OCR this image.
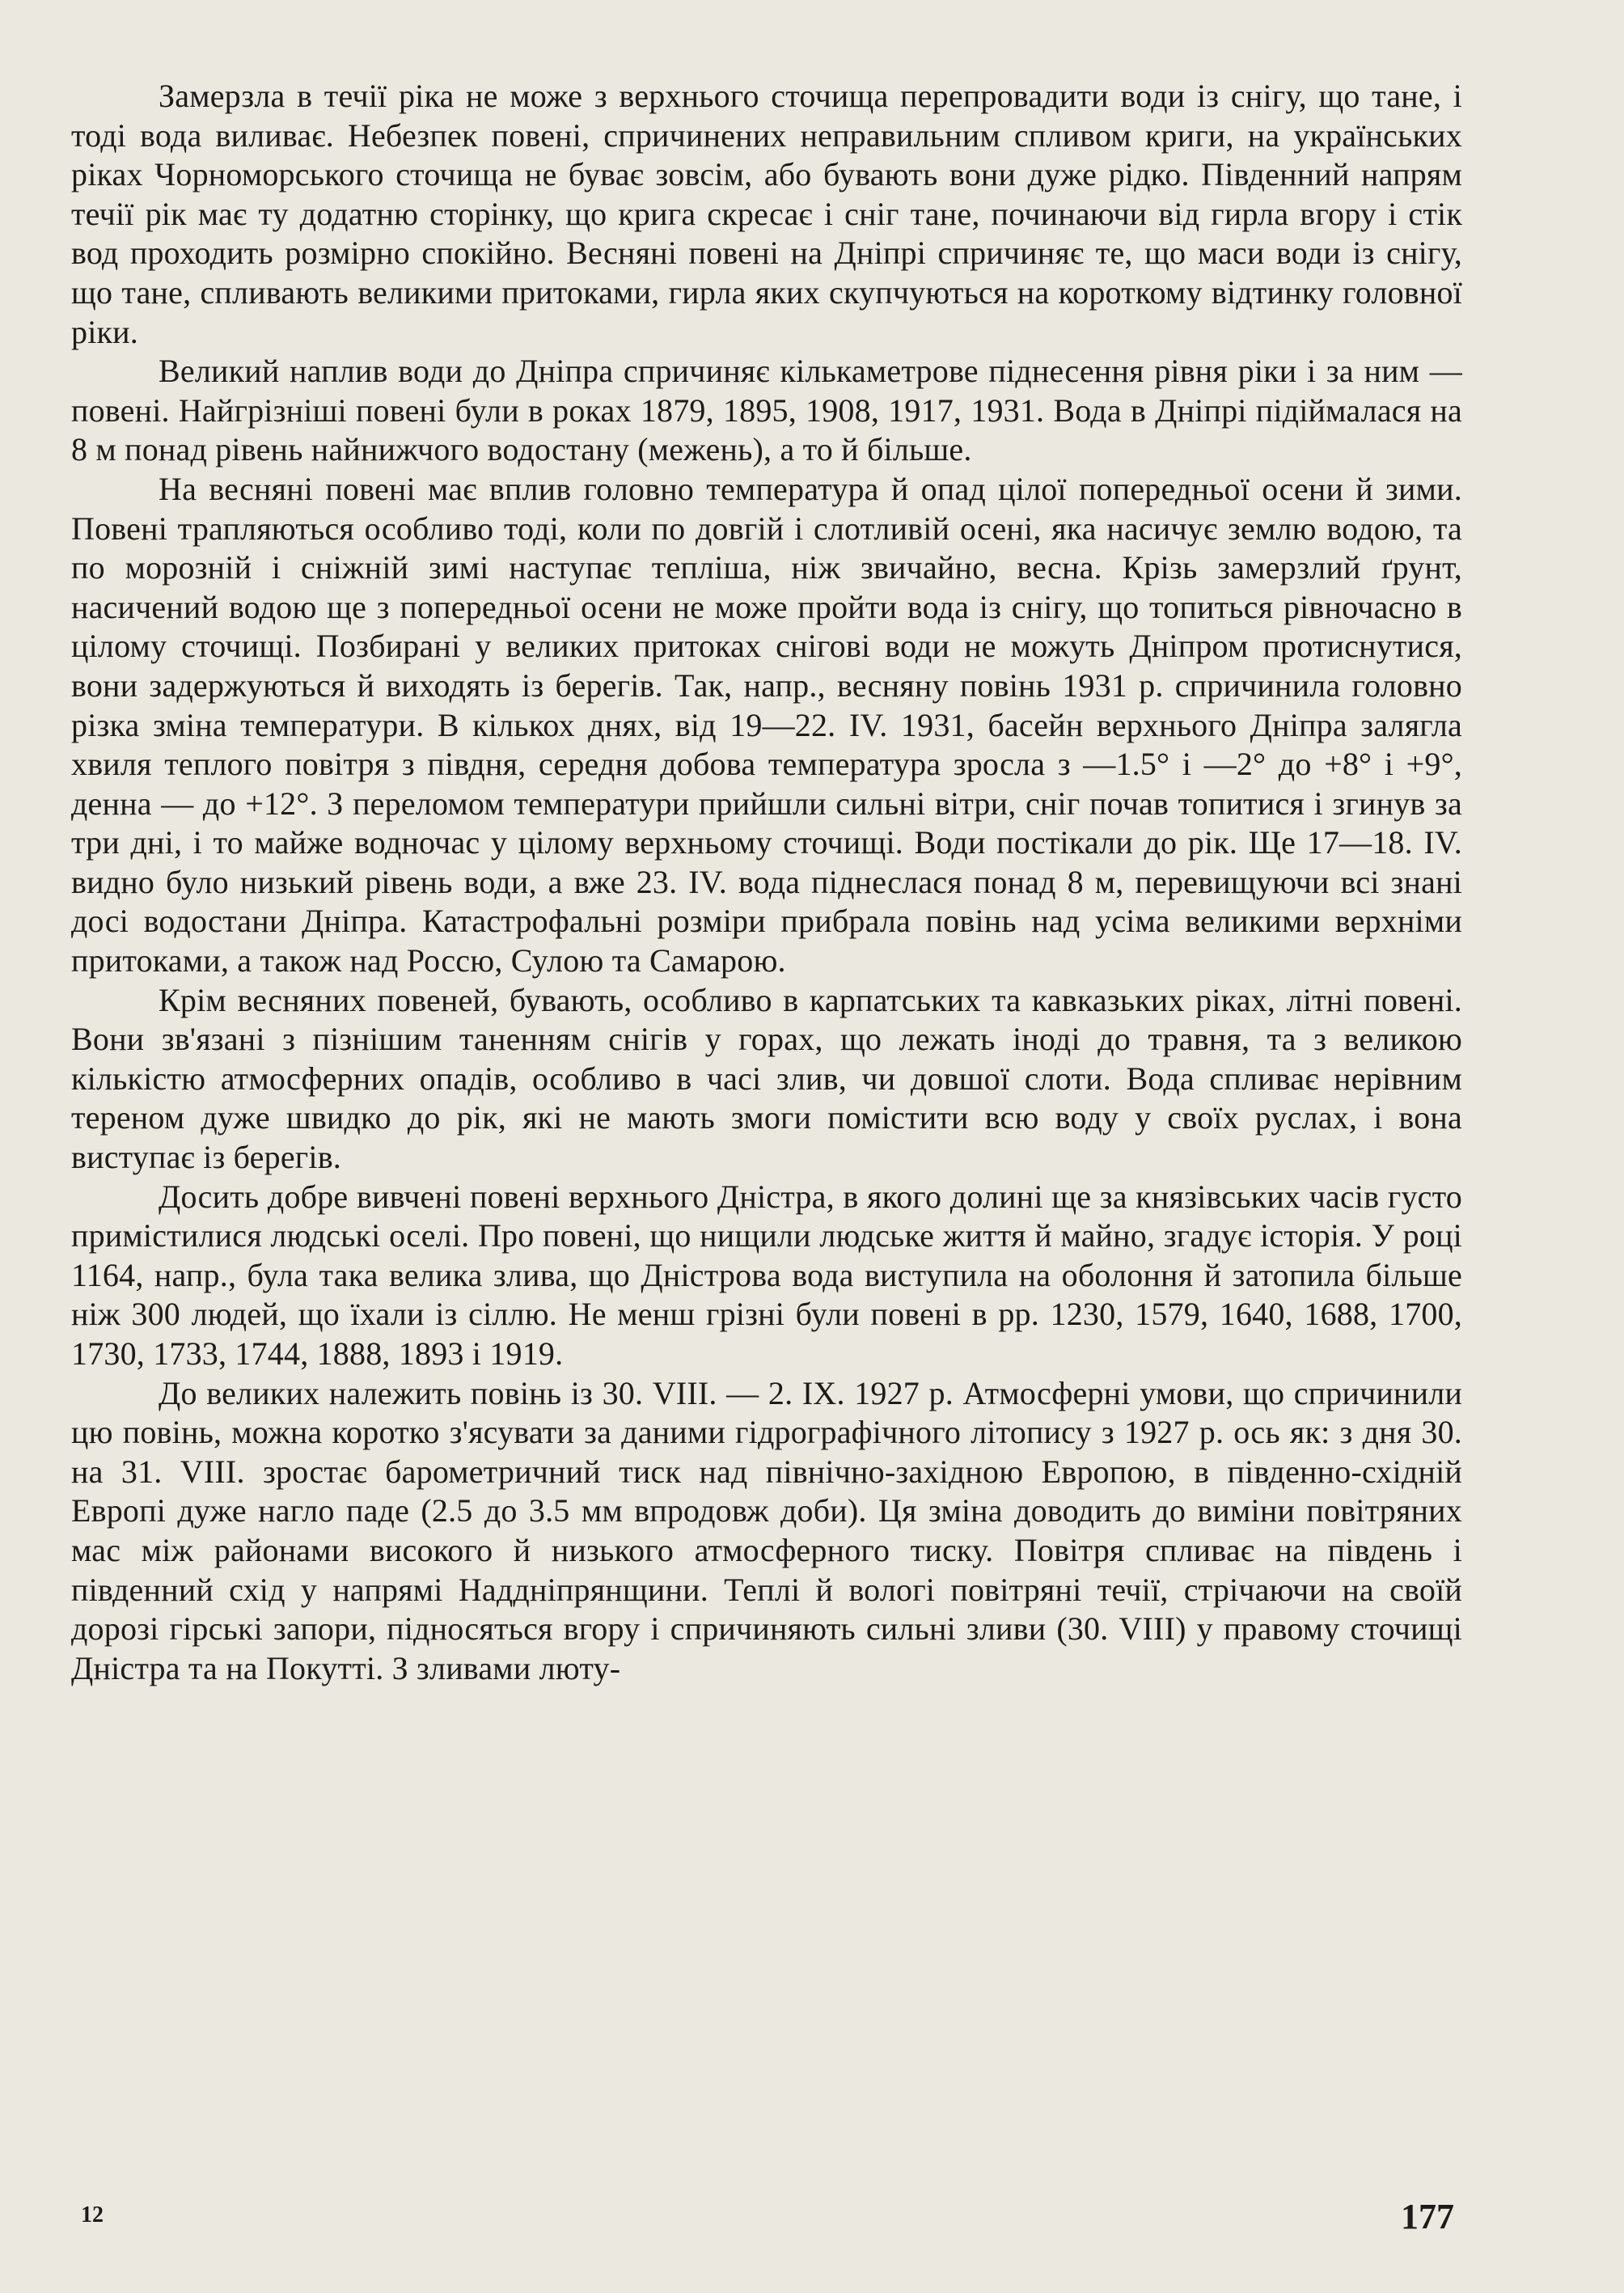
Замерзла в течії ріка не може з верхнього сточища перепровадити води із снігу, що тане, і тоді вода виливає. Небезпек повені, спричинених неправильним спливом криги, на українських ріках Чорноморського сточища не буває зовсім, або бувають вони дуже рідко. Південний напрям течії рік має ту додатню сторінку, що крига скресає і сніг тане, починаючи від гирла вгору і стік вод проходить розмірно спокійно. Весняні повені на Дніпрі спричиняє те, що маси води із снігу, що тане, спливають великими притоками, гирла яких скупчуються на короткому відтинку головної ріки.

Великий наплив води до Дніпра спричиняє кількаметрове піднесення рівня ріки і за ним — повені. Найгрізніші повені були в роках 1879, 1895, 1908, 1917, 1931. Вода в Дніпрі підіймалася на 8 м понад рівень найнижчого водостану (межень), а то й більше.

На весняні повені має вплив головно температура й опад цілої попередньої осени й зими. Повені трапляються особливо тоді, коли по довгій і слотливій осені, яка насичує землю водою, та по морозній і сніжній зимі наступає тепліша, ніж звичайно, весна. Крізь замерзлий ґрунт, насичений водою ще з попередньої осени не може пройти вода із снігу, що топиться рівночасно в цілому сточищі. Позбирані у великих притоках снігові води не можуть Дніпром протиснутися, вони задержуються й виходять із берегів. Так, напр., весняну повінь 1931 р. спричинила головно різка зміна температури. В кількох днях, від 19—22. IV. 1931, басейн верхнього Дніпра залягла хвиля теплого повітря з півдня, середня добова температура зросла з —1.5° і —2° до +8° і +9°, денна — до +12°. З переломом температури прийшли сильні вітри, сніг почав топитися і згинув за три дні, і то майже водночас у цілому верхньому сточищі. Води постікали до рік. Ще 17—18. IV. видно було низький рівень води, а вже 23. IV. вода піднеслася понад 8 м, перевищуючи всі знані досі водостани Дніпра. Катастрофальні розміри прибрала повінь над усіма великими верхніми притоками, а також над Россю, Сулою та Самарою.

Крім весняних повеней, бувають, особливо в карпатських та кавказьких ріках, літні повені. Вони зв'язані з пізнішим таненням снігів у горах, що лежать іноді до травня, та з великою кількістю атмосферних опадів, особливо в часі злив, чи довшої слоти. Вода спливає нерівним тереном дуже швидко до рік, які не мають змоги помістити всю воду у своїх руслах, і вона виступає із берегів.

Досить добре вивчені повені верхнього Дністра, в якого долині ще за князівських часів густо примістилися людські оселі. Про повені, що нищили людське життя й майно, згадує історія. У році 1164, напр., була така велика злива, що Дністрова вода виступила на оболоння й затопила більше ніж 300 людей, що їхали із сіллю. Не менш грізні були повені в рр. 1230, 1579, 1640, 1688, 1700, 1730, 1733, 1744, 1888, 1893 і 1919.

До великих належить повінь із 30. VIII. — 2. IX. 1927 р. Атмосферні умови, що спричинили цю повінь, можна коротко з'ясувати за даними гідрографічного літопису з 1927 р. ось як: з дня 30. на 31. VIII. зростає барометричний тиск над північно-західною Европою, в південно-східній Европі дуже нагло паде (2.5 до 3.5 мм впродовж доби). Ця зміна доводить до виміни повітряних мас між районами високого й низького атмосферного тиску. Повітря спливає на південь і південний схід у напрямі Наддніпрянщини. Теплі й вологі повітряні течії, стрічаючи на своїй дорозі гірські запори, підносяться вгору і спричиняють сильні зливи (30. VIII) у правому сточищі Дністра та на Покутті. З зливами люту-

12	177
